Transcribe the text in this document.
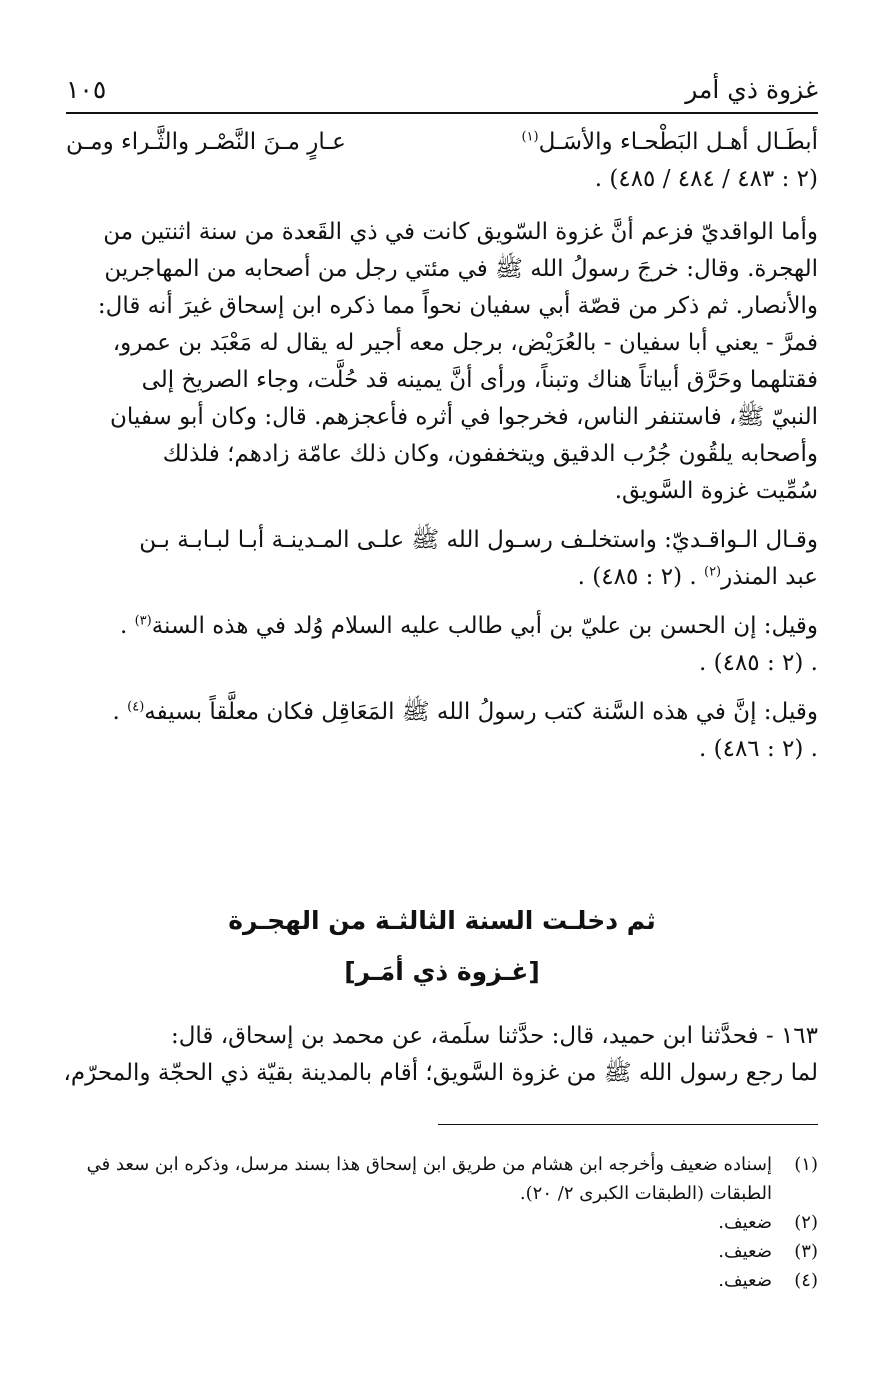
غزوة ذي أمر
١٠٥
أبطَـال أهـل البَطْحـاء والأسَـل$^{(١)}$
عـارٍ مـنَ النَّصْـر والثَّـراء ومـن
(٢ : ٤٨٣ / ٤٨٤ / ٤٨٥) .
وأما الواقديّ فزعم أنَّ غزوة السّويق كانت في ذي القَعدة من سنة اثنتين من
الهجرة. وقال: خرجَ رسولُ الله ﷺ في مئتي رجل من أصحابه من المهاجرين
والأنصار. ثم ذكر من قصّة أبي سفيان نحواً مما ذكره ابن إسحاق غيرَ أنه قال:
فمرَّ - يعني أبا سفيان - بالعُرَيْض، برجل معه أجير له يقال له مَعْبَد بن عمرو،
فقتلهما وحَرَّق أبياتاً هناك وتبناً، ورأى أنَّ يمينه قد حُلَّت، وجاء الصريخ إلى
النبيّ ﷺ، فاستنفر الناس، فخرجوا في أثره فأعجزهم. قال: وكان أبو سفيان
وأصحابه يلقُون جُرُب الدقيق ويتخففون، وكان ذلك عامّة زادهم؛ فلذلك
سُمِّيت غزوة السَّويق.
وقـال الـواقـديّ: واستخلـف رسـول الله ﷺ علـى المـدينـة أبـا لبـابـة بـن
عبد المنذر$^{(٢)}$ . (٢ : ٤٨٥) .
وقيل: إن الحسن بن عليّ بن أبي طالب عليه السلام وُلد في هذه السنة$^{(٣)}$ .
. (٢ : ٤٨٥) .
وقيل: إنَّ في هذه السَّنة كتب رسولُ الله ﷺ المَعَاقِل فكان معلَّقاً بسيفه$^{(٤)}$ .
. (٢ : ٤٨٦) .
ثم دخلـت السنة الثالثـة من الهجـرة
[غـزوة ذي أمَـر]
١٦٣ - فحدَّثنا ابن حميد، قال: حدَّثنا سلَمة، عن محمد بن إسحاق، قال:
لما رجع رسول الله ﷺ من غزوة السَّويق؛ أقام بالمدينة بقيّة ذي الحجّة والمحرّم،
(١)
إسناده ضعيف وأخرجه ابن هشام من طريق ابن إسحاق هذا بسند مرسل، وذكره ابن سعد في الطبقات (الطبقات الكبرى ٢/ ٢٠).
(٢)
ضعيف.
(٣)
ضعيف.
(٤)
ضعيف.
